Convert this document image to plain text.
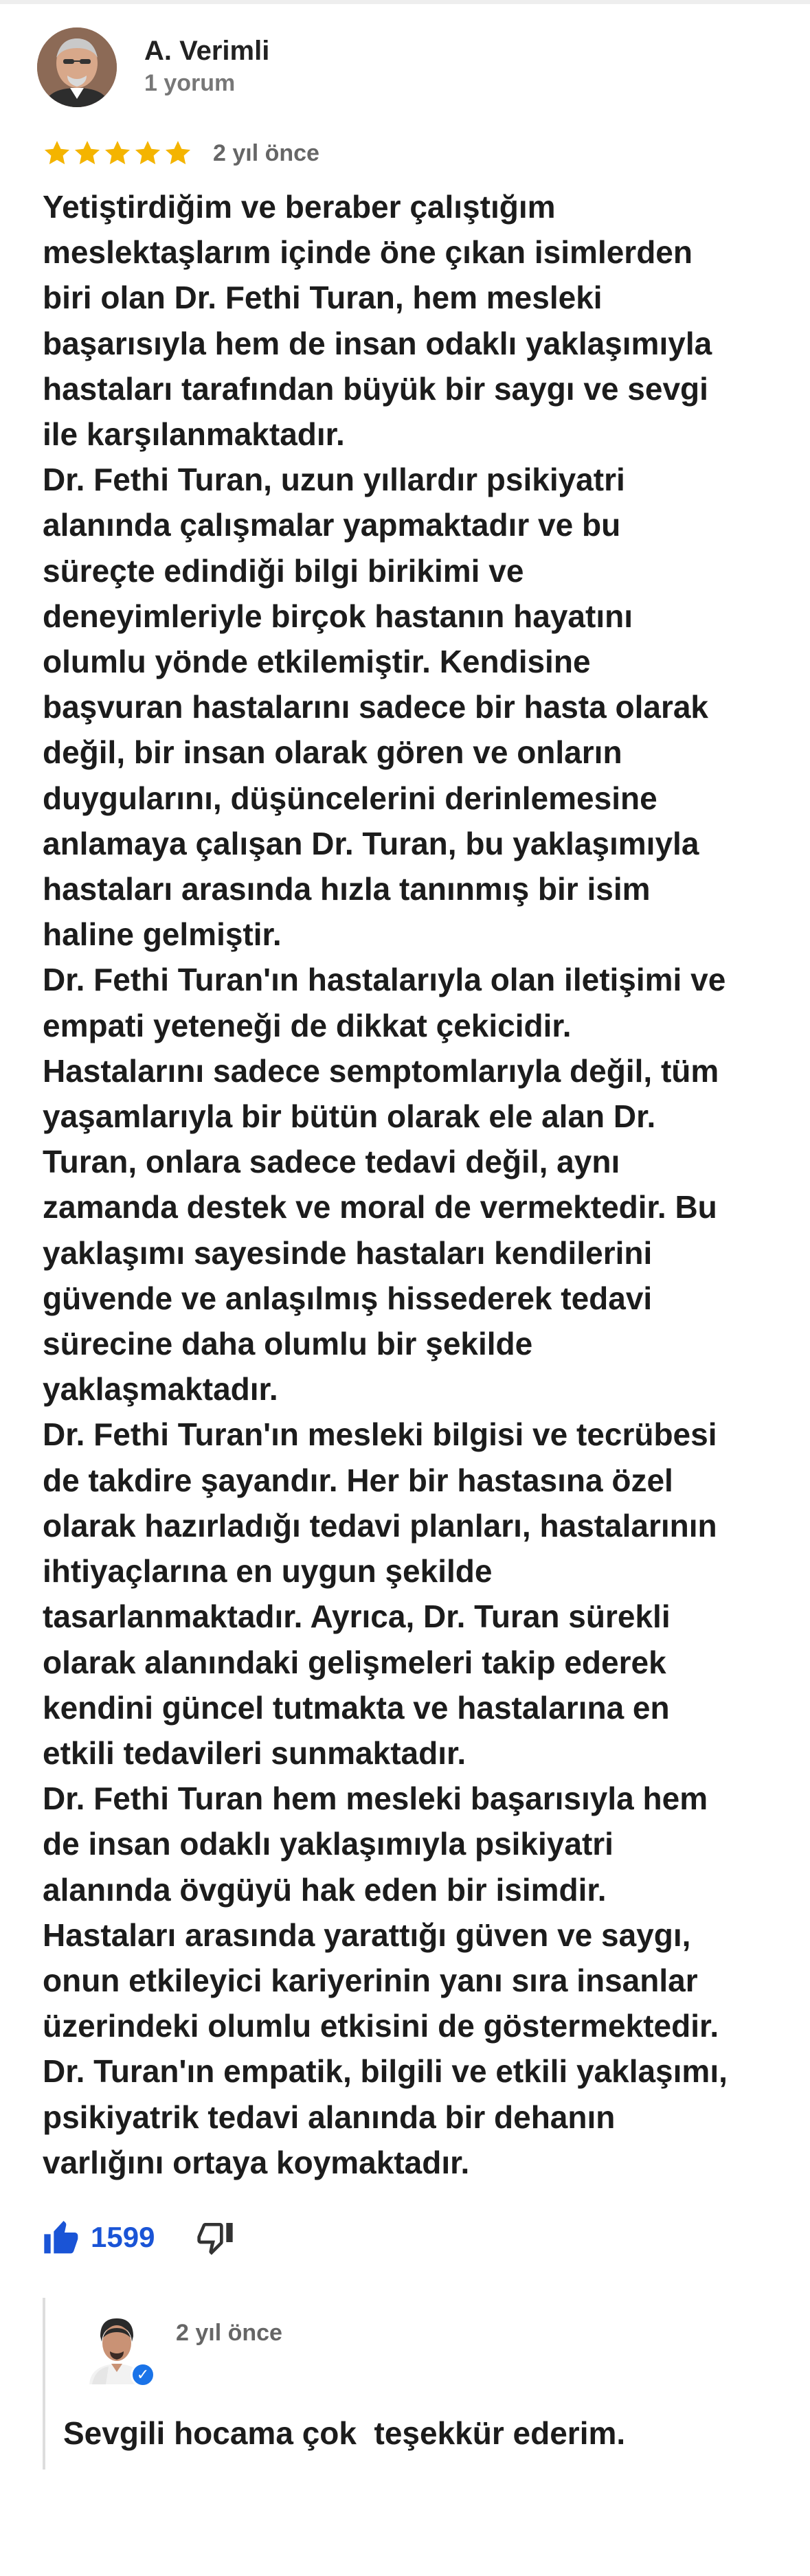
A. Verimli
1 yorum
2 yıl önce

Yetiştirdiğim ve beraber çalıştığım

meslektaşlarım içinde öne çıkan isimlerden

biri olan Dr. Fethi Turan, hem mesleki

başarısıyla hem de insan odaklı yaklaşımıyla

hastaları tarafından büyük bir saygı ve sevgi

ile karşılanmaktadır.

Dr. Fethi Turan, uzun yıllardır psikiyatri

alanında çalışmalar yapmaktadır ve bu

süreçte edindiği bilgi birikimi ve

deneyimleriyle birçok hastanın hayatını

olumlu yönde etkilemiştir. Kendisine

başvuran hastalarını sadece bir hasta olarak

değil, bir insan olarak gören ve onların

duygularını, düşüncelerini derinlemesine

anlamaya çalışan Dr. Turan, bu yaklaşımıyla

hastaları arasında hızla tanınmış bir isim

haline gelmiştir.

Dr. Fethi Turan'ın hastalarıyla olan iletişimi ve

empati yeteneği de dikkat çekicidir.

Hastalarını sadece semptomlarıyla değil, tüm

yaşamlarıyla bir bütün olarak ele alan Dr.

Turan, onlara sadece tedavi değil, aynı

zamanda destek ve moral de vermektedir. Bu

yaklaşımı sayesinde hastaları kendilerini

güvende ve anlaşılmış hissederek tedavi

sürecine daha olumlu bir şekilde

yaklaşmaktadır.

Dr. Fethi Turan'ın mesleki bilgisi ve tecrübesi

de takdire şayandır. Her bir hastasına özel

olarak hazırladığı tedavi planları, hastalarının

ihtiyaçlarına en uygun şekilde

tasarlanmaktadır. Ayrıca, Dr. Turan sürekli

olarak alanındaki gelişmeleri takip ederek

kendini güncel tutmakta ve hastalarına en

etkili tedavileri sunmaktadır.

Dr. Fethi Turan hem mesleki başarısıyla hem

de insan odaklı yaklaşımıyla psikiyatri

alanında övgüyü hak eden bir isimdir.

Hastaları arasında yarattığı güven ve saygı,

onun etkileyici kariyerinin yanı sıra insanlar

üzerindeki olumlu etkisini de göstermektedir.

Dr. Turan'ın empatik, bilgili ve etkili yaklaşımı,

psikiyatrik tedavi alanında bir dehanın

varlığını ortaya koymaktadır.

1599
✓
2 yıl önce
Sevgili hocama çok  teşekkür ederim.
